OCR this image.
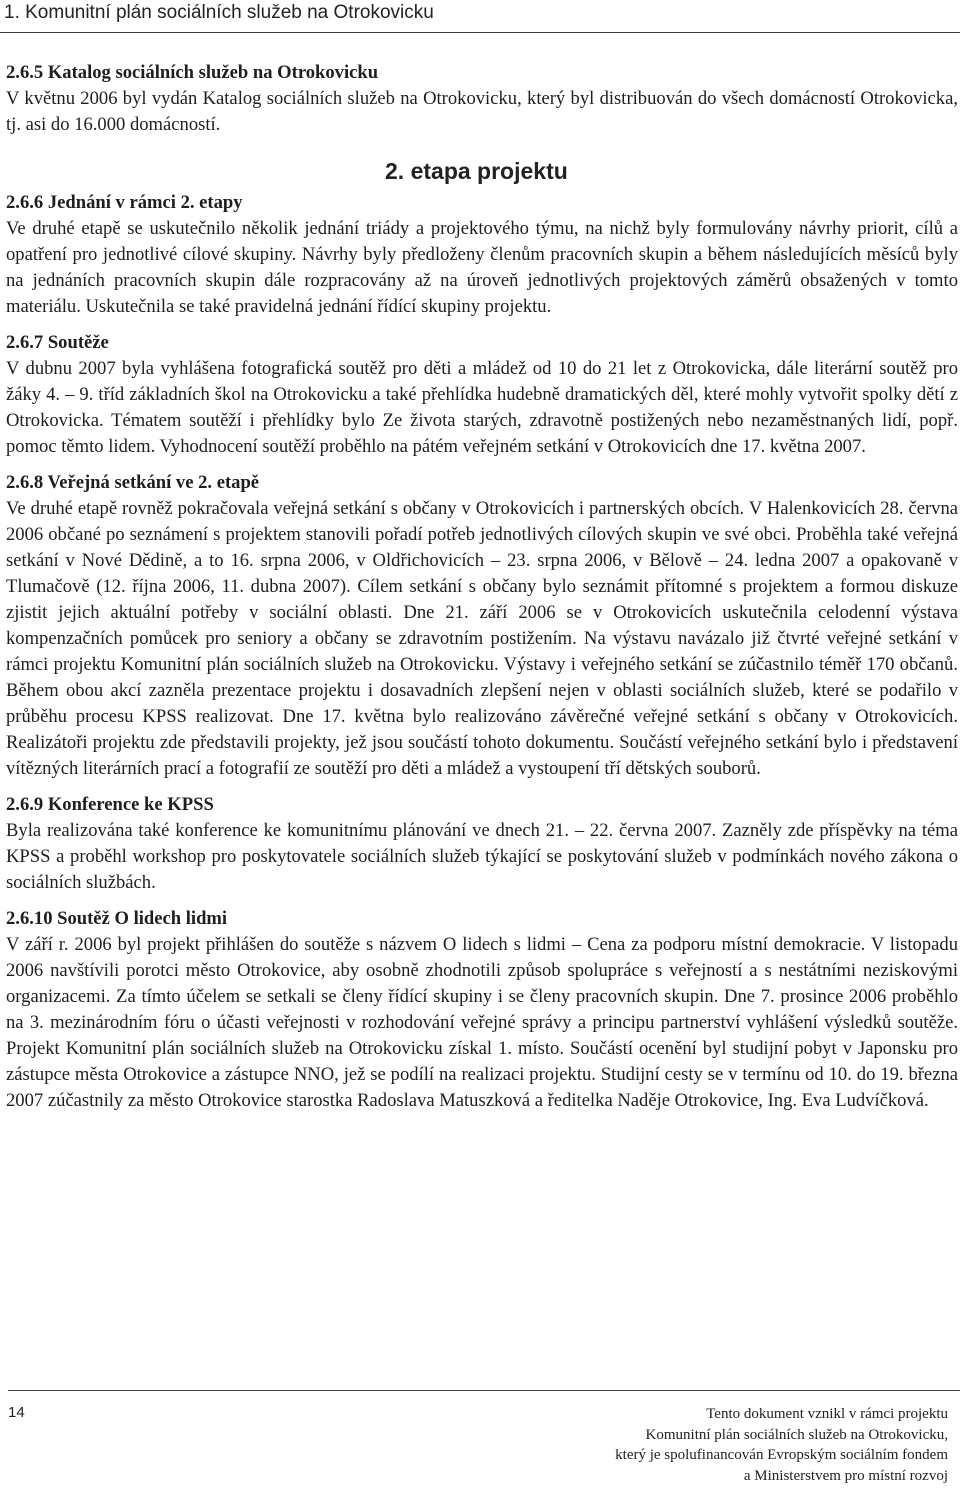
1. Komunitní plán sociálních služeb na Otrokovicku
2. etapa projektu

2.6.5 Katalog sociálních služeb na Otrokovicku

V květnu 2006 byl vydán Katalog sociálních služeb na Otrokovicku, který byl distribuován do všech domácností Otrokovicka, tj. asi do 16.000 domácností.

2.6.6 Jednání v rámci 2. etapy

Ve druhé etapě se uskutečnilo několik jednání triády a projektového týmu, na nichž byly formulovány návrhy priorit, cílů a opatření pro jednotlivé cílové skupiny. Návrhy byly předloženy členům pracovních skupin a během následujících měsíců byly na jednáních pracovních skupin dále rozpracovány až na úroveň jednotlivých projektových záměrů obsažených v tomto materiálu. Uskutečnila se také pravidelná jednání řídící skupiny projektu.

2.6.7 Soutěže

V dubnu 2007 byla vyhlášena fotografická soutěž pro děti a mládež od 10 do 21 let z Otrokovicka, dále literární soutěž pro žáky 4. – 9. tříd základních škol na Otrokovicku a také přehlídka hudebně dramatických děl, které mohly vytvořit spolky dětí z Otrokovicka. Tématem soutěží i přehlídky bylo Ze života starých, zdravotně postižených nebo nezaměstnaných lidí, popř. pomoc těmto lidem. Vyhodnocení soutěží proběhlo na pátém veřejném setkání v Otrokovicích dne 17. května 2007.

2.6.8 Veřejná setkání ve 2. etapě

Ve druhé etapě rovněž pokračovala veřejná setkání s občany v Otrokovicích i partnerských obcích. V Halenkovicích 28. června 2006 občané po seznámení s projektem stanovili pořadí potřeb jednotlivých cílových skupin ve své obci. Proběhla také veřejná setkání v Nové Dědině, a to 16. srpna 2006, v Oldřichovicích – 23. srpna 2006, v Bělově – 24. ledna 2007 a opakovaně v Tlumačově (12. října 2006, 11. dubna 2007). Cílem setkání s občany bylo seznámit přítomné s projektem a formou diskuze zjistit jejich aktuální potřeby v sociální oblasti. Dne 21. září 2006 se v Otrokovicích uskutečnila celodenní výstava kompenzačních pomůcek pro seniory a občany se zdravotním postižením. Na výstavu navázalo již čtvrté veřejné setkání v rámci projektu Komunitní plán sociálních služeb na Otrokovicku. Výstavy i veřejného setkání se zúčastnilo téměř 170 občanů. Během obou akcí zazněla prezentace projektu i dosavadních zlepšení nejen v oblasti sociálních služeb, které se podařilo v průběhu procesu KPSS realizovat. Dne 17. května bylo realizováno závěrečné veřejné setkání s občany v Otrokovicích. Realizátoři projektu zde představili projekty, jež jsou součástí tohoto dokumentu. Součástí veřejného setkání bylo i představení vítězných literárních prací a fotografií ze soutěží pro děti a mládež a vystoupení tří dětských souborů.

2.6.9 Konference ke KPSS

Byla realizována také konference ke komunitnímu plánování ve dnech 21. – 22. června 2007. Zazněly zde příspěvky na téma KPSS a proběhl workshop pro poskytovatele sociálních služeb týkající se poskytování služeb v podmínkách nového zákona o sociálních službách.

2.6.10 Soutěž O lidech lidmi

V září r. 2006 byl projekt přihlášen do soutěže s názvem O lidech s lidmi – Cena za podporu místní demokracie. V listopadu 2006 navštívili porotci město Otrokovice, aby osobně zhodnotili způsob spolupráce s veřejností a s nestátními neziskovými organizacemi. Za tímto účelem se setkali se členy řídící skupiny i se členy pracovních skupin. Dne 7. prosince 2006 proběhlo na 3. mezinárodním fóru o účasti veřejnosti v rozhodování veřejné správy a principu partnerství vyhlášení výsledků soutěže. Projekt Komunitní plán sociálních služeb na Otrokovicku získal 1. místo. Součástí ocenění byl studijní pobyt v Japonsku pro zástupce města Otrokovice a zástupce NNO, jež se podílí na realizaci projektu. Studijní cesty se v termínu od 10. do 19. března 2007 zúčastnily za město Otrokovice starostka Radoslava Matuszková a ředitelka Naděje Otrokovice, Ing. Eva Ludvíčková.

14	Tento dokument vznikl v rámci projektu
Komunitní plán sociálních služeb na Otrokovicku,
který je spolufinancován Evropským sociálním fondem
a Ministerstvem pro místní rozvoj
